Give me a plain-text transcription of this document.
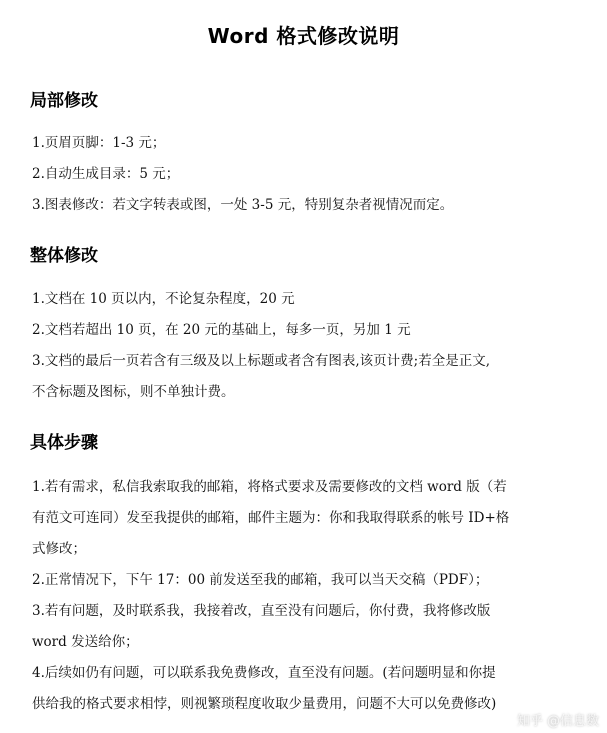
Word 格式修改说明
局部修改
1.页眉页脚：1-3 元；
2.自动生成目录：5 元；
3.图表修改：若文字转表或图，一处 3-5 元，特别复杂者视情况而定。
整体修改
1.文档在 10 页以内，不论复杂程度，20 元
2.文档若超出 10 页，在 20 元的基础上，每多一页，另加 1 元
3.文档的最后一页若含有三级及以上标题或者含有图表,该页计费;若全是正文,
不含标题及图标，则不单独计费。
具体步骤
1.若有需求，私信我索取我的邮箱，将格式要求及需要修改的文档 word 版（若
有范文可连同）发至我提供的邮箱，邮件主题为：你和我取得联系的帐号 ID+格
式修改；
2.正常情况下，下午 17：00 前发送至我的邮箱，我可以当天交稿（PDF）；
3.若有问题，及时联系我，我接着改，直至没有问题后，你付费，我将修改版
word 发送给你；
4.后续如仍有问题，可以联系我免费修改，直至没有问题。(若问题明显和你提
供给我的格式要求相悖，则视繁琐程度收取少量费用，问题不大可以免费修改)
知乎 @信息数
